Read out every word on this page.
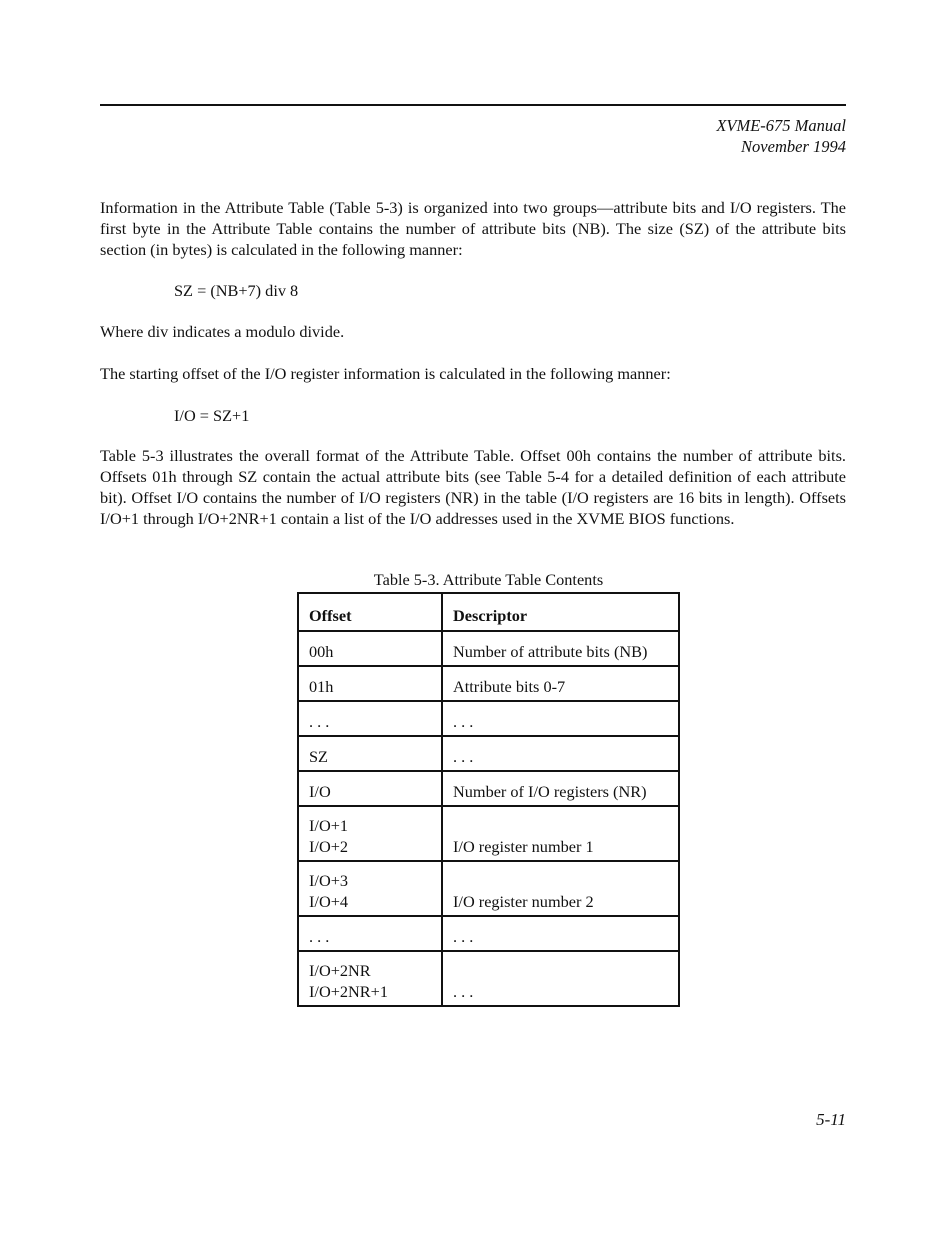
XVME-675 Manual
November 1994

Information in the Attribute Table (Table 5-3) is organized into two groups—attribute bits and I/O registers. The first byte in the Attribute Table contains the number of attribute bits (NB). The size (SZ) of the attribute bits section (in bytes) is calculated in the following manner:

SZ = (NB+7) div 8

Where div indicates a modulo divide.

The starting offset of the I/O register information is calculated in the following manner:

I/O = SZ+1

Table 5-3 illustrates the overall format of the Attribute Table. Offset 00h contains the number of attribute bits. Offsets 01h through SZ contain the actual attribute bits (see Table 5-4 for a detailed definition of each attribute bit). Offset I/O contains the number of I/O registers (NR) in the table (I/O registers are 16 bits in length). Offsets I/O+1 through I/O+2NR+1 contain a list of the I/O addresses used in the XVME BIOS functions.

Table 5-3. Attribute Table Contents
Offset	Descriptor
00h	Number of attribute bits (NB)
01h	Attribute bits 0-7
. . .	. . .
SZ	. . .
I/O	Number of I/O registers (NR)

I/O+1
I/O+2	I/O register number 1

I/O+3
I/O+4	I/O register number 2
. . .	. . .

I/O+2NR
I/O+2NR+1	. . .
5-11
